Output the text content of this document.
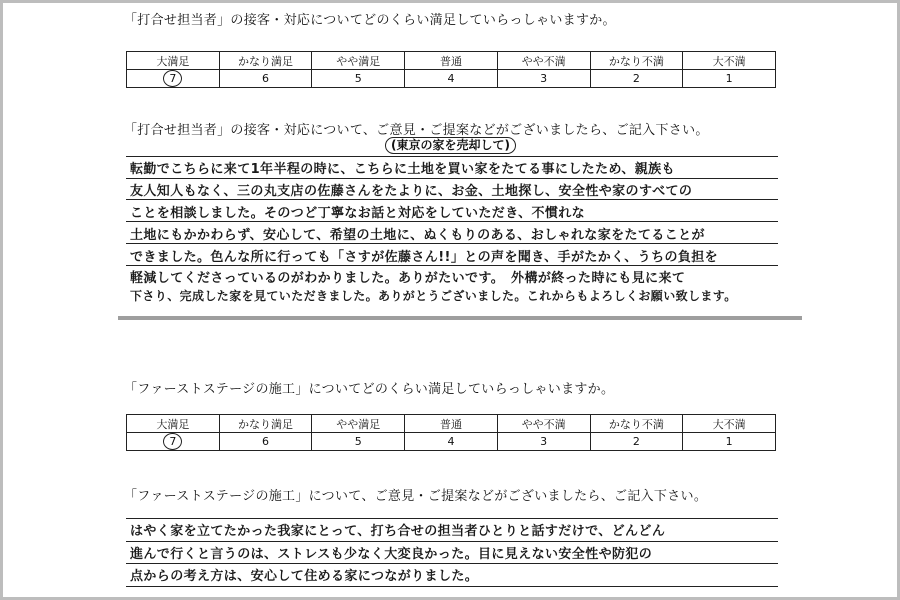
「打合せ担当者」の接客・対応についてどのくらい満足していらっしゃいますか。
大満足	かなり満足	やや満足	普通	やや不満	かなり不満	大不満
7	6	5	4	3	2	1
「打合せ担当者」の接客・対応について、ご意見・ご提案などがございましたら、ご記入下さい。
(東京の家を売却して)
転勤でこちらに来て1年半程の時に、こちらに土地を買い家をたてる事にしたため、親族も
友人知人もなく、三の丸支店の佐藤さんをたよりに、お金、土地探し、安全性や家のすべての
ことを相談しました。そのつど丁寧なお話と対応をしていただき、不慣れな
土地にもかかわらず、安心して、希望の土地に、ぬくもりのある、おしゃれな家をたてることが
できました。色んな所に行っても「さすが佐藤さん!!」との声を聞き、手がたかく、うちの負担を
軽減してくださっているのがわかりました。ありがたいです。　外構が終った時にも見に来て
下さり、完成した家を見ていただきました。ありがとうございました。これからもよろしくお願い致します。
「ファーストステージの施工」についてどのくらい満足していらっしゃいますか。
大満足	かなり満足	やや満足	普通	やや不満	かなり不満	大不満
7	6	5	4	3	2	1
「ファーストステージの施工」について、ご意見・ご提案などがございましたら、ご記入下さい。
はやく家を立てたかった我家にとって、打ち合せの担当者ひとりと話すだけで、どんどん
進んで行くと言うのは、ストレスも少なく大変良かった。目に見えない安全性や防犯の
点からの考え方は、安心して住める家につながりました。
